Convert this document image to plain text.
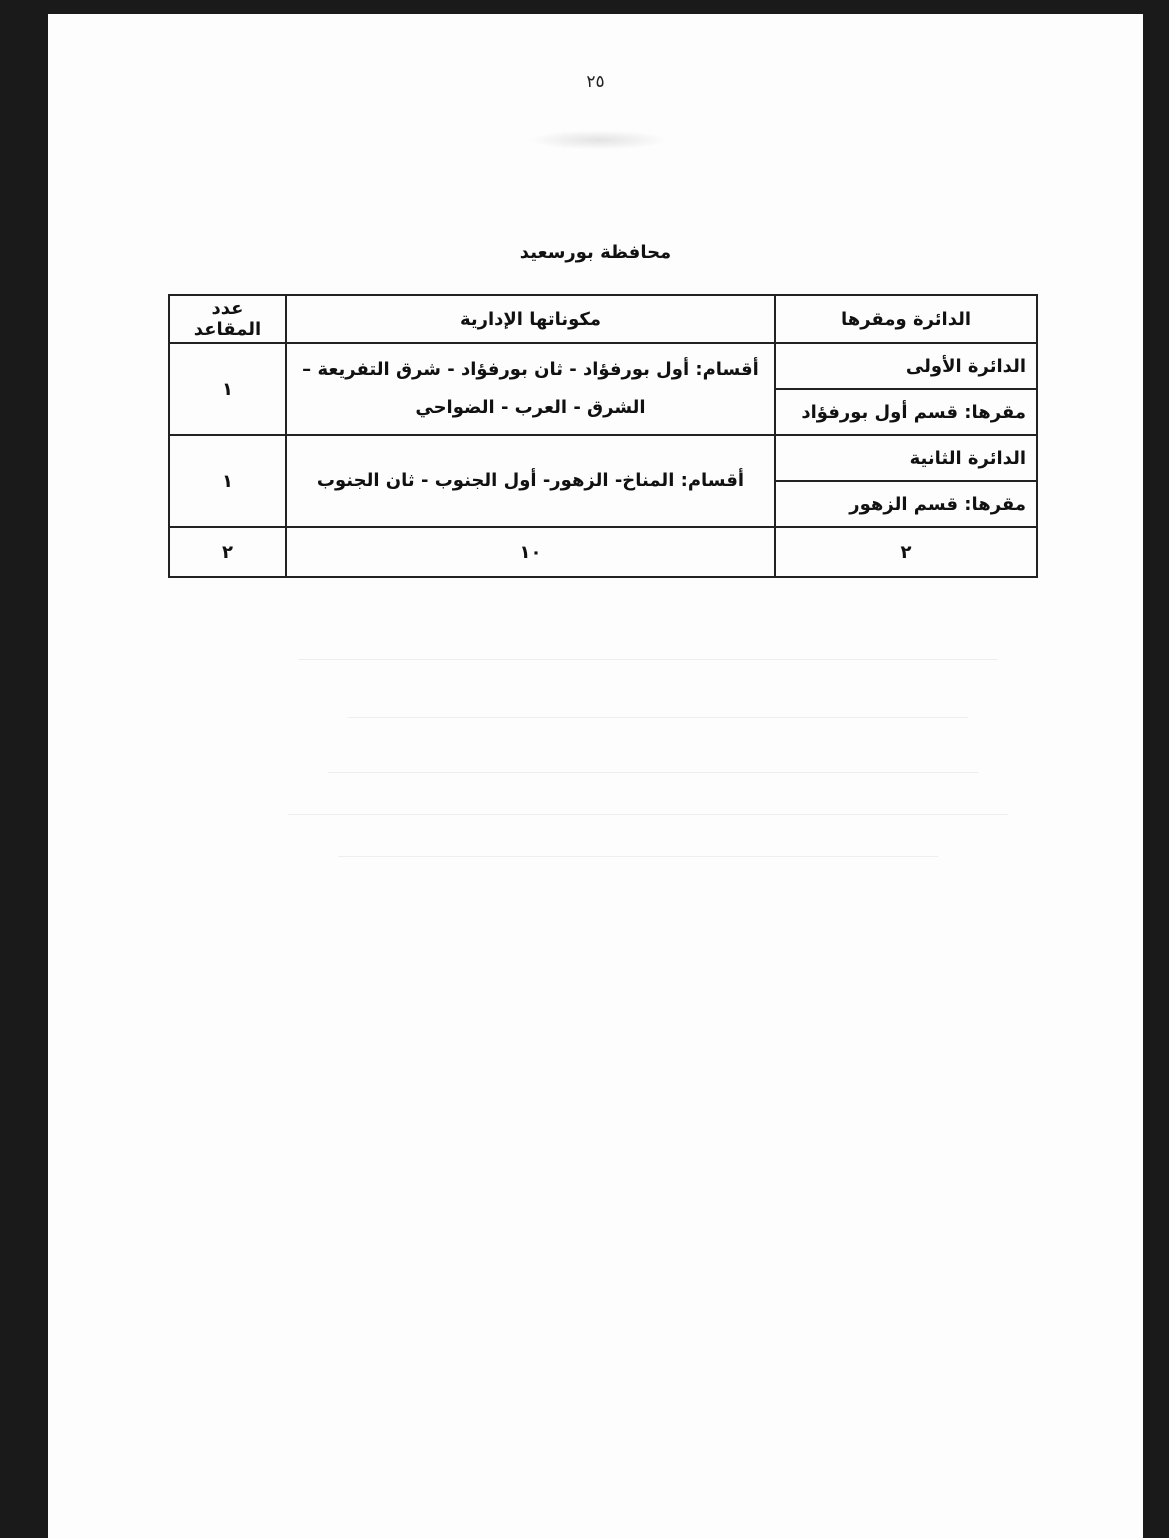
٢٥
محافظة بورسعيد
الدائرة ومقرها	مكوناتها الإدارية	عدد المقاعد
الدائرة الأولى	أقسام: أول بورفؤاد - ثان بورفؤاد - شرق التفريعة – الشرق - العرب - الضواحي	١
مقرها: قسم أول بورفؤاد		
الدائرة الثانية	أقسام: المناخ- الزهور- أول الجنوب - ثان الجنوب	١
مقرها: قسم الزهور		
٢	١٠	٢
